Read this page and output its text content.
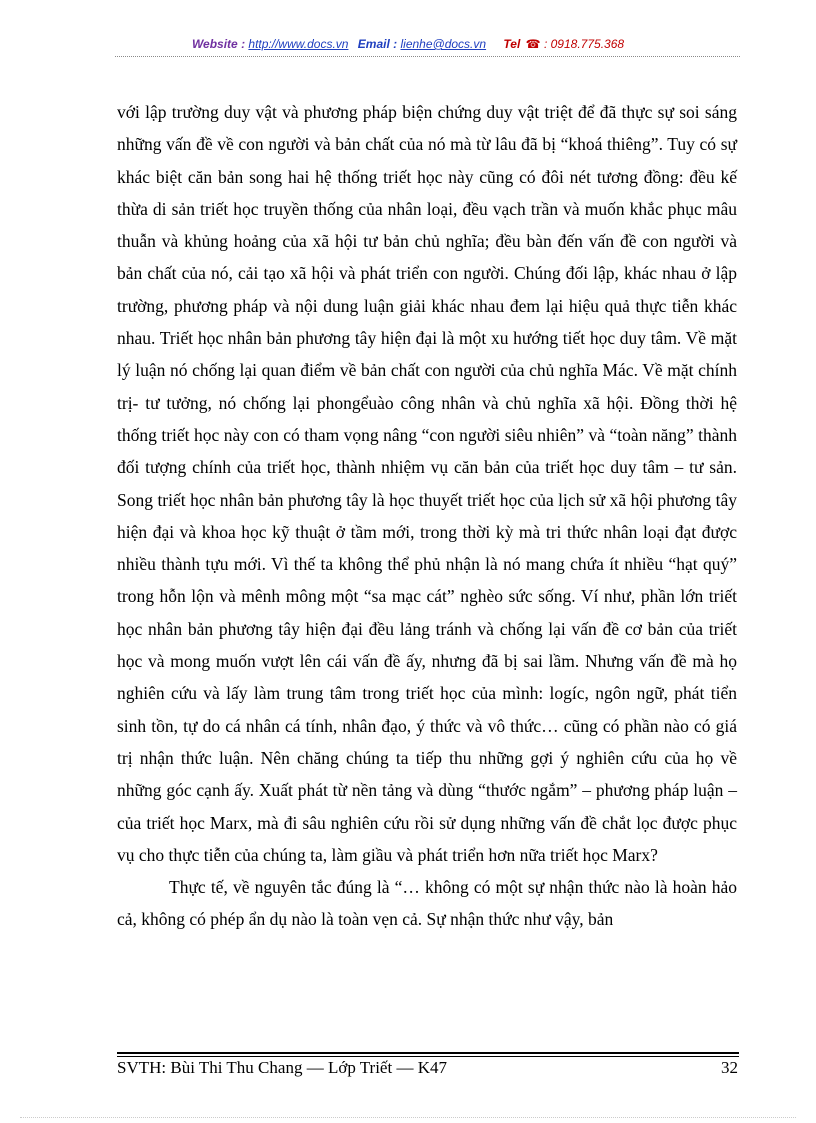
Website : http://www.docs.vn Email : lienhe@docs.vn Tel ☎ : 0918.775.368

với lập trường duy vật và phương pháp biện chứng duy vật triệt để đã thực sự soi sáng những vấn đề về con người và bản chất của nó mà từ lâu đã bị “khoá thiêng”. Tuy có sự khác biệt căn bản song hai hệ thống triết học này cũng có đôi nét tương đồng: đều kế thừa di sản triết học truyền thống của nhân loại, đều vạch trần và muốn khắc phục mâu thuẫn và khủng hoảng của xã hội tư bản chủ nghĩa; đều bàn đến vấn đề con người và bản chất của nó, cải tạo xã hội và phát triển con người. Chúng đối lập, khác nhau ở lập trường, phương pháp và nội dung luận giải khác nhau đem lại hiệu quả thực tiễn khác nhau. Triết học nhân bản phương tây hiện đại là một xu hướng tiết học duy tâm. Về mặt lý luận nó chống lại quan điểm về bản chất con người của chủ nghĩa Mác. Về mặt chính trị- tư tưởng, nó chống lại phongểuào công nhân và chủ nghĩa xã hội. Đồng thời hệ thống triết học này con có tham vọng nâng “con người siêu nhiên” và “toàn năng” thành đối tượng chính của triết học, thành nhiệm vụ căn bản của triết học duy tâm – tư sản. Song triết học nhân bản phương tây là học thuyết triết học của lịch sử xã hội phương tây hiện đại và khoa học kỹ thuật ở tầm mới, trong thời kỳ mà tri thức nhân loại đạt được nhiều thành tựu mới. Vì thế ta không thể phủ nhận là nó mang chứa ít nhiều “hạt quý” trong hỗn lộn và mênh mông một “sa mạc cát” nghèo sức sống. Ví như, phần lớn triết học nhân bản phương tây hiện đại đều lảng tránh và chống lại vấn đề cơ bản của triết học và mong muốn vượt lên cái vấn đề ấy, nhưng đã bị sai lầm. Nhưng vấn đề mà họ nghiên cứu và lấy làm trung tâm trong triết học của mình: logíc, ngôn ngữ, phát tiển sinh tồn, tự do cá nhân cá tính, nhân đạo, ý thức và vô thức… cũng có phần nào có giá trị nhận thức luận. Nên chăng chúng ta tiếp thu những gợi ý nghiên cứu của họ về những góc cạnh ấy. Xuất phát từ nền tảng và dùng “thước ngắm” – phương pháp luận – của triết học Marx, mà đi sâu nghiên cứu rồi sử dụng những vấn đề chắt lọc được phục vụ cho thực tiễn của chúng ta, làm giầu và phát triển hơn nữa triết học Marx?

Thực tế, về nguyên tắc đúng là “… không có một sự nhận thức nào là hoàn hảo cả, không có phép ẩn dụ nào là toàn vẹn cả. Sự nhận thức như vậy, bản

SVTH: Bùi Thi Thu Chang — Lớp Triết — K47	32
